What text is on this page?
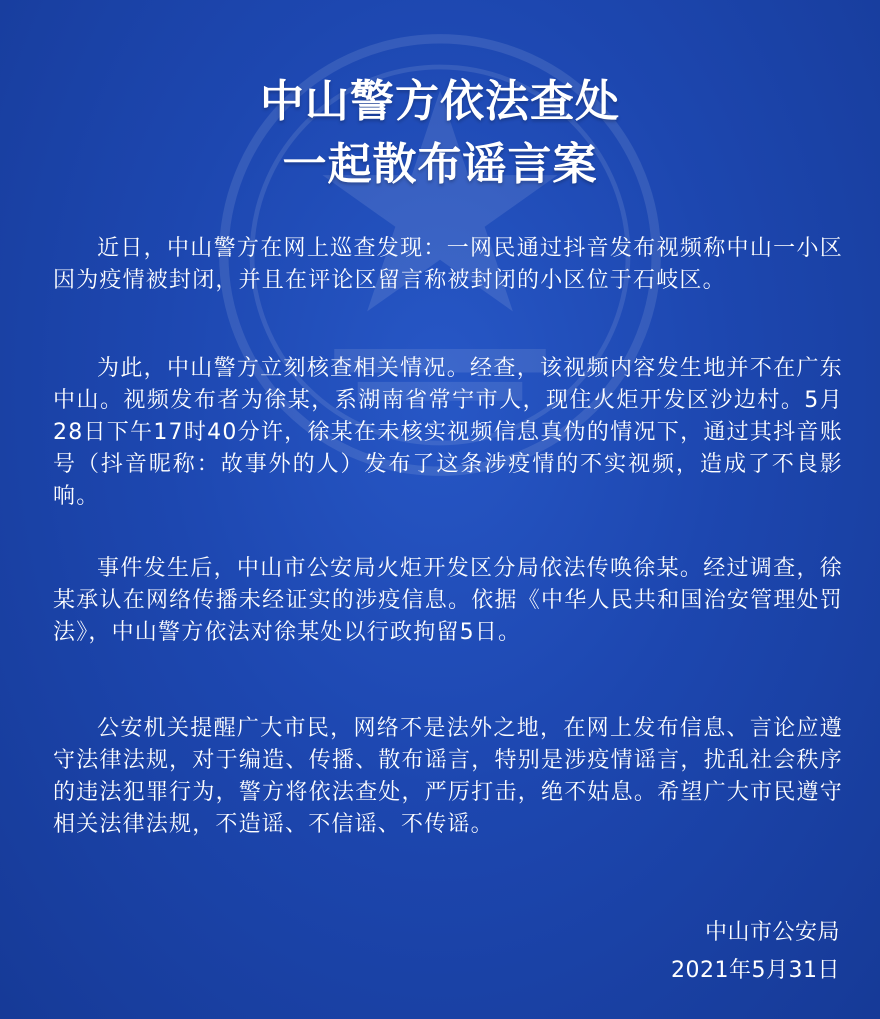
中山警方依法查处
一起散布谣言案
近日，中山警方在网上巡查发现：一网民通过抖音发布视频称中山一小区因为疫情被封闭，并且在评论区留言称被封闭的小区位于石岐区。
为此，中山警方立刻核查相关情况。经查，该视频内容发生地并不在广东中山。视频发布者为徐某，系湖南省常宁市人，现住火炬开发区沙边村。5月28日下午17时40分许，徐某在未核实视频信息真伪的情况下，通过其抖音账号（抖音昵称：故事外的人）发布了这条涉疫情的不实视频，造成了不良影响。
事件发生后，中山市公安局火炬开发区分局依法传唤徐某。经过调查，徐某承认在网络传播未经证实的涉疫信息。依据《中华人民共和国治安管理处罚法》，中山警方依法对徐某处以行政拘留5日。
公安机关提醒广大市民，网络不是法外之地，在网上发布信息、言论应遵守法律法规，对于编造、传播、散布谣言，特别是涉疫情谣言，扰乱社会秩序的违法犯罪行为，警方将依法查处，严厉打击，绝不姑息。希望广大市民遵守相关法律法规，不造谣、不信谣、不传谣。
中山市公安局
2021年5月31日
